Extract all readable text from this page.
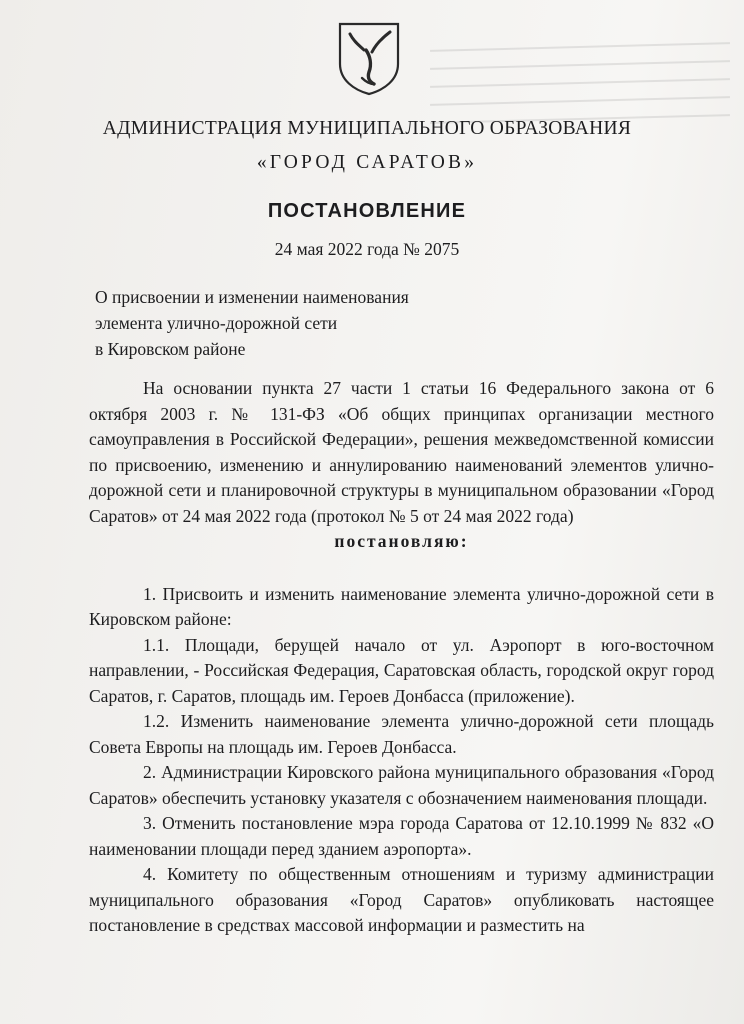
АДМИНИСТРАЦИЯ МУНИЦИПАЛЬНОГО ОБРАЗОВАНИЯ
«ГОРОД САРАТОВ»
ПОСТАНОВЛЕНИЕ
24 мая 2022 года № 2075
О присвоении и изменении наименования
элемента улично-дорожной сети
в Кировском районе

На основании пункта 27 части 1 статьи 16 Федерального закона от 6 октября 2003 г. № 131-ФЗ «Об общих принципах организации местного самоуправления в Российской Федерации», решения межведомственной комиссии по присвоению, изменению и аннулированию наименований элементов улично-дорожной сети и планировочной структуры в муниципальном образовании «Город Саратов» от 24 мая 2022 года (протокол № 5 от 24 мая 2022 года)

постановляю:

1. Присвоить и изменить наименование элемента улично-дорожной сети в Кировском районе:

1.1. Площади, берущей начало от ул. Аэропорт в юго-восточном направлении, - Российская Федерация, Саратовская область, городской округ город Саратов, г. Саратов, площадь им. Героев Донбасса (приложение).

1.2. Изменить наименование элемента улично-дорожной сети площадь Совета Европы на площадь им. Героев Донбасса.

2. Администрации Кировского района муниципального образования «Город Саратов» обеспечить установку указателя с обозначением наименования площади.

3. Отменить постановление мэра города Саратова от 12.10.1999 № 832 «О наименовании площади перед зданием аэропорта».

4. Комитету по общественным отношениям и туризму администрации муниципального образования «Город Саратов» опубликовать настоящее постановление в средствах массовой информации и разместить на
